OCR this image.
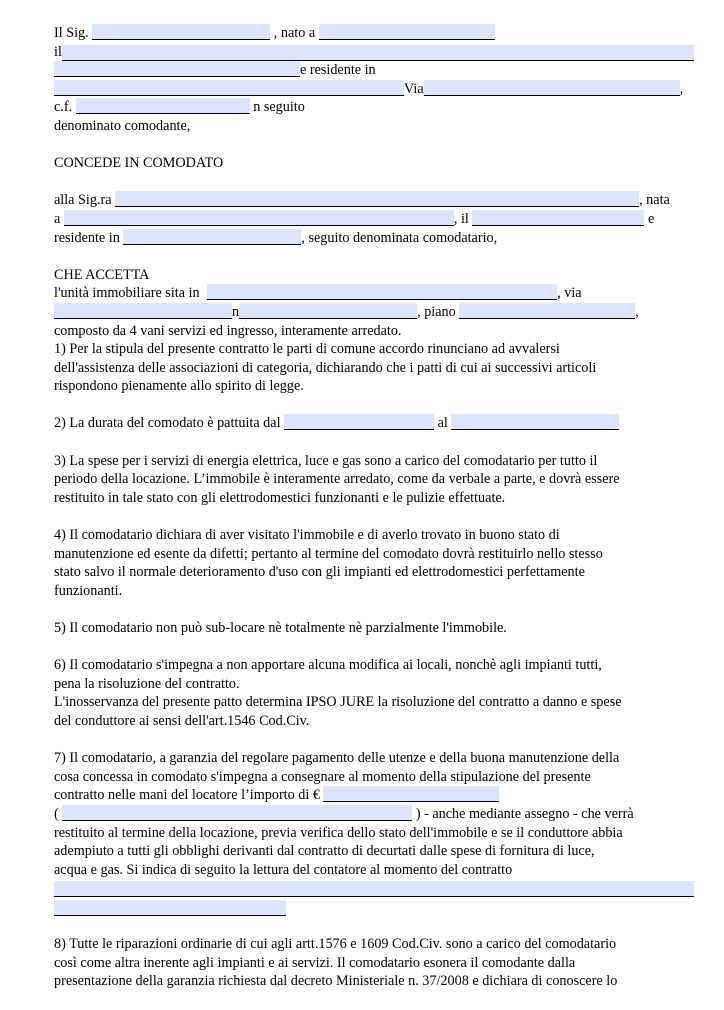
Il Sig.	, nato a
il
e residente in
Via	,
c.f.	n seguito
denominato comodante,
CONCEDE IN COMODATO
alla Sig.ra	, nata
a	, il	e
residente in	, seguito denominata comodatario,
CHE ACCETTA
l'unità immobiliare sita in	, via
n	, piano	,
composto da 4 vani servizi ed ingresso, interamente arredato.
1) Per la stipula del presente contratto le parti di comune accordo rinunciano ad avvalersi
dell'assistenza delle associazioni di categoria, dichiarando che i patti di cui ai successivi articoli
rispondono pienamente allo spirito di legge.
2) La durata del comodato è pattuita dal	al
3) La spese per i servizi di energia elettrica, luce e gas sono a carico del comodatario per tutto il
periodo della locazione. L’immobile è interamente arredato, come da verbale a parte, e dovrà essere
restituito in tale stato con gli elettrodomestici funzionanti e le pulizie effettuate.
4) Il comodatario dichiara di aver visitato l'immobile e di averlo trovato in buono stato di
manutenzione ed esente da difetti; pertanto al termine del comodato dovrà restituirlo nello stesso
stato salvo il normale deterioramento d'uso con gli impianti ed elettrodomestici perfettamente
funzionanti.
5) Il comodatario non può sub-locare nè totalmente nè parzialmente l'immobile.
6) Il comodatario s'impegna a non apportare alcuna modifica ai locali, nonchè agli impianti tutti,
pena la risoluzione del contratto.
L'inosservanza del presente patto determina IPSO JURE la risoluzione del contratto a danno e spese
del conduttore ai sensi dell'art.1546 Cod.Civ.
7) Il comodatario, a garanzia del regolare pagamento delle utenze e della buona manutenzione della
cosa concessa in comodato s'impegna a consegnare al momento della stipulazione del presente
contratto nelle mani del locatore l’importo di €
(	) - anche mediante assegno - che verrà
restituito al termine della locazione, previa verifica dello stato dell'immobile e se il conduttore abbia
adempiuto a tutti gli obblighi derivanti dal contratto di decurtati dalle spese di fornitura di luce,
acqua e gas. Si indica di seguito la lettura del contatore al momento del contratto
8) Tutte le riparazioni ordinarie di cui agli artt.1576 e 1609 Cod.Civ. sono a carico del comodatario
così come altra inerente agli impianti e ai servizi. Il comodatario esonera il comodante dalla
presentazione della garanzia richiesta dal decreto Ministeriale n. 37/2008 e dichiara di conoscere lo
